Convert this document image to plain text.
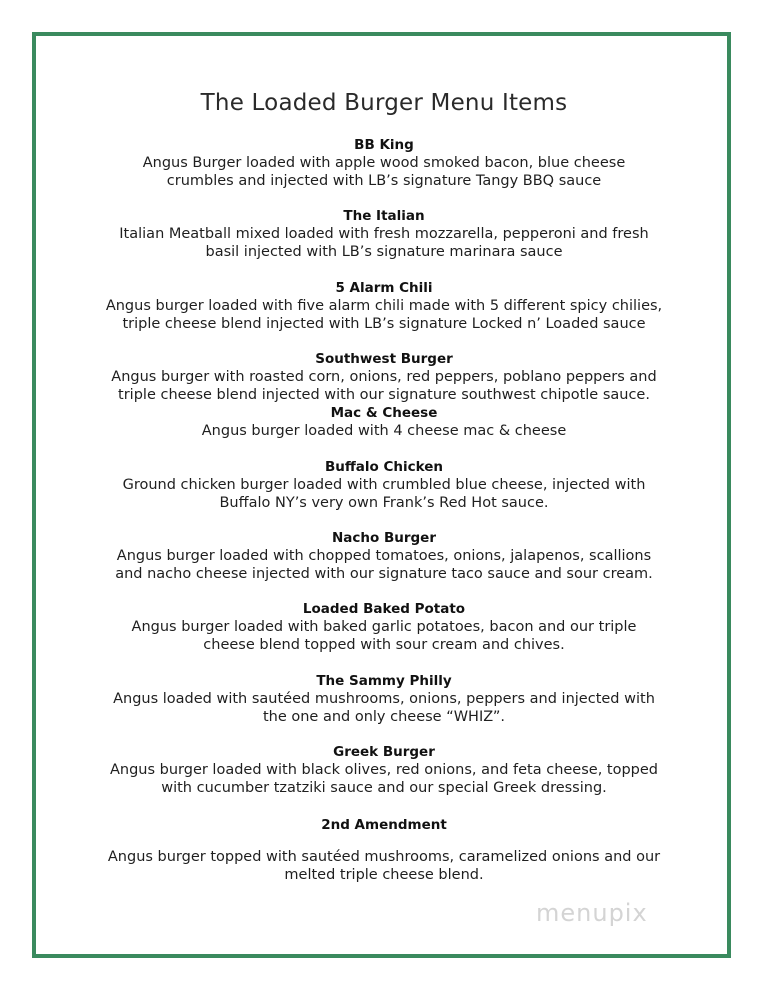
The Loaded Burger Menu Items
BB King
Angus Burger loaded with apple wood smoked bacon, blue cheese
crumbles and injected with LB’s signature Tangy BBQ sauce
The Italian
Italian Meatball mixed loaded with fresh mozzarella, pepperoni and fresh
basil injected with LB’s signature marinara sauce
5 Alarm Chili
Angus burger loaded with five alarm chili made with 5 different spicy chilies,
triple cheese blend injected with LB’s signature Locked n’ Loaded sauce
Southwest Burger
Angus burger with roasted corn, onions, red peppers, poblano peppers and
triple cheese blend injected with our signature southwest chipotle sauce.
Mac & Cheese
Angus burger loaded with 4 cheese mac & cheese
Buffalo Chicken
Ground chicken burger loaded with crumbled blue cheese, injected with
Buffalo NY’s very own Frank’s Red Hot sauce.
Nacho Burger
Angus burger loaded with chopped tomatoes, onions, jalapenos, scallions
and nacho cheese injected with our signature taco sauce and sour cream.
Loaded Baked Potato
Angus burger loaded with baked garlic potatoes, bacon and our triple
cheese blend topped with sour cream and chives.
The Sammy Philly
Angus loaded with sautéed mushrooms, onions, peppers and injected with
the one and only cheese “WHIZ”.
Greek Burger
Angus burger loaded with black olives, red onions, and feta cheese, topped
with cucumber tzatziki sauce and our special Greek dressing.
2nd Amendment
Angus burger topped with sautéed mushrooms, caramelized onions and our
melted triple cheese blend.
menupix
